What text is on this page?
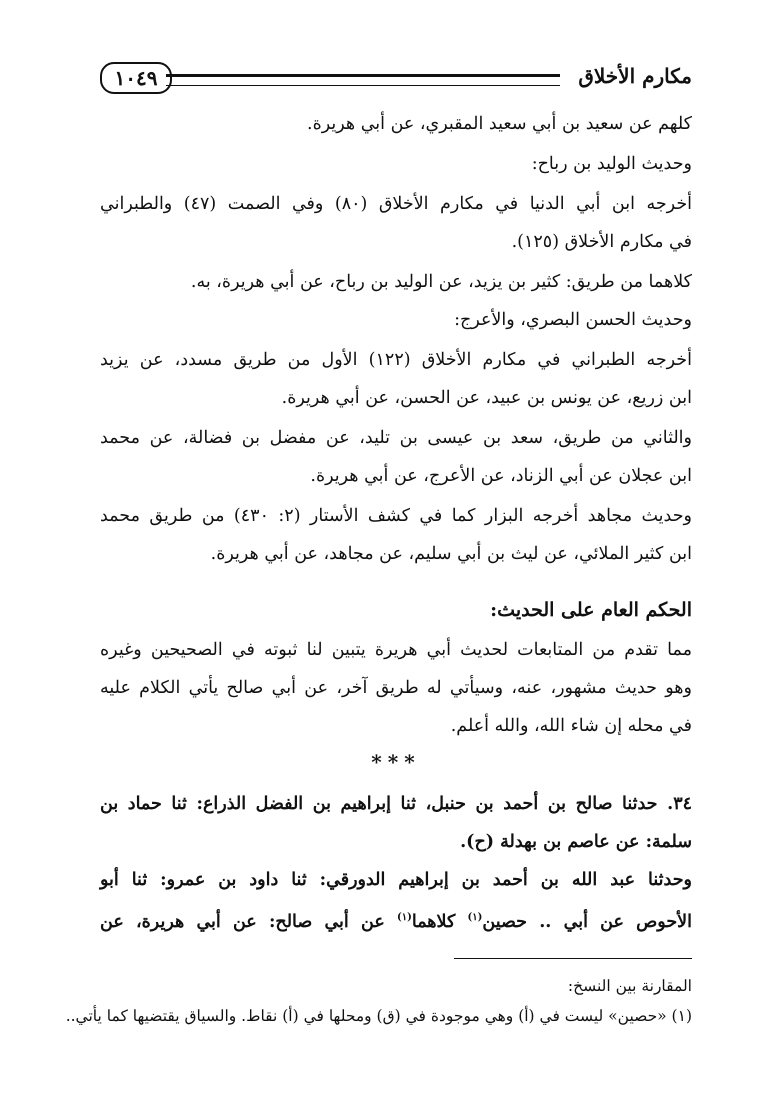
مكارم الأخلاق
١٠٤٩
كلهم عن سعيد بن أبي سعيد المقبري، عن أبي هريرة.
وحديث الوليد بن رباح:
أخرجه ابن أبي الدنيا في مكارم الأخلاق (٨٠) وفي الصمت (٤٧) والطبراني
في مكارم الأخلاق (١٢٥).
كلاهما من طريق: كثير بن يزيد، عن الوليد بن رباح، عن أبي هريرة، به.
وحديث الحسن البصري، والأعرج:
أخرجه الطبراني في مكارم الأخلاق (١٢٢) الأول من طريق مسدد، عن يزيد
ابن زريع، عن يونس بن عبيد، عن الحسن، عن أبي هريرة.
والثاني من طريق، سعد بن عيسى بن تليد، عن مفضل بن فضالة، عن محمد
ابن عجلان عن أبي الزناد، عن الأعرج، عن أبي هريرة.
وحديث مجاهد أخرجه البزار كما في كشف الأستار (٢: ٤٣٠) من طريق محمد
ابن كثير الملائي، عن ليث بن أبي سليم، عن مجاهد، عن أبي هريرة.
الحكم العام على الحديث:
مما تقدم من المتابعات لحديث أبي هريرة يتبين لنا ثبوته في الصحيحين وغيره
وهو حديث مشهور، عنه، وسيأتي له طريق آخر، عن أبي صالح يأتي الكلام عليه
في محله إن شاء الله، والله أعلم.
***
٣٤. حدثنا صالح بن أحمد بن حنبل، ثنا إبراهيم بن الفضل الذراع: ثنا حماد بن
سلمة: عن عاصم بن بهدلة (ح).
وحدثنا عبد الله بن أحمد بن إبراهيم الدورقي: ثنا داود بن عمرو: ثنا أبو
الأحوص عن أبي .. حصين$^{(١)}$ كلاهما$^{(١)}$ عن أبي صالح: عن أبي هريرة، عن
المقارنة بين النسخ:
(١) «حصين» ليست في (أ) وهي موجودة في (ق) ومحلها في (أ) نقاط. والسياق يقتضيها كما يأتي..
